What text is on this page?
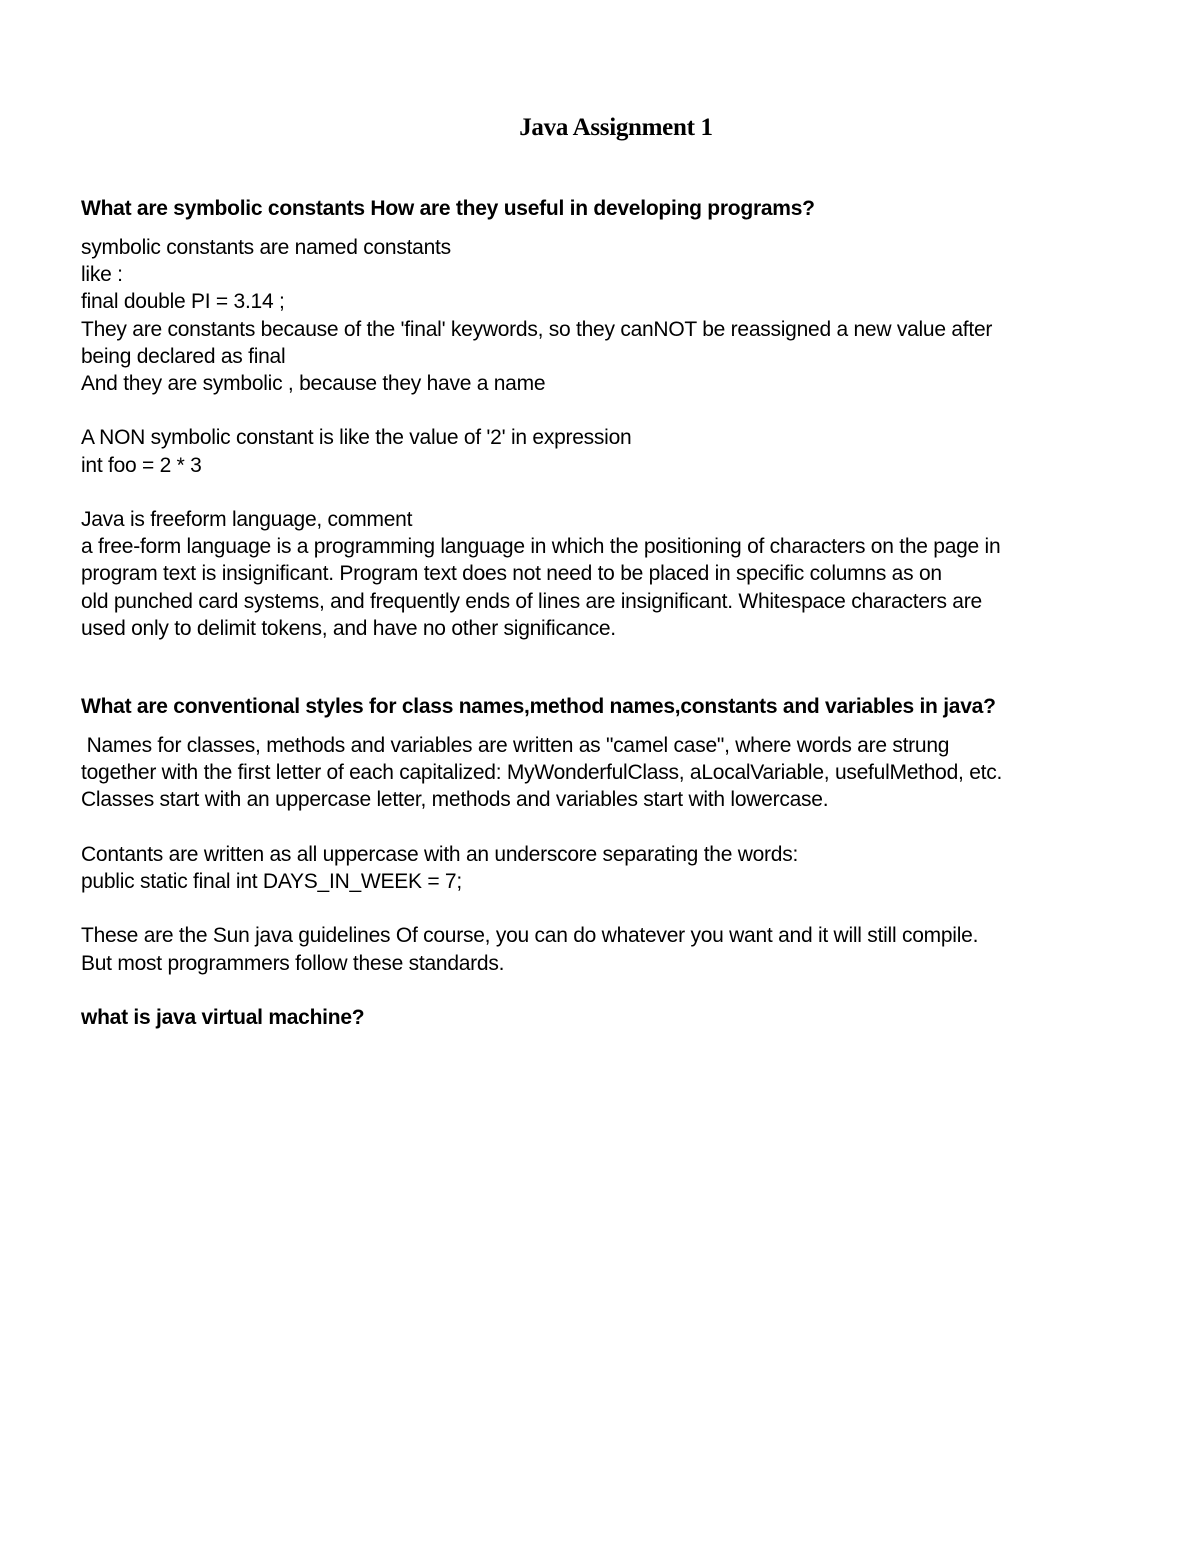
Java Assignment 1
What are symbolic constants How are they useful in developing programs?

symbolic constants are named constants

like :

final double PI = 3.14 ;

They are constants because of the 'final' keywords, so they canNOT be reassigned a new value after

being declared as final

And they are symbolic , because they have a name

A NON symbolic constant is like the value of '2' in expression

int foo = 2 * 3

Java is freeform language, comment

a free-form language is a programming language in which the positioning of characters on the page in

program text is insignificant. Program text does not need to be placed in specific columns as on

old punched card systems, and frequently ends of lines are insignificant. Whitespace characters are

used only to delimit tokens, and have no other significance.

What are conventional styles for class names,method names,constants and variables in java?

Names for classes, methods and variables are written as "camel case", where words are strung

together with the first letter of each capitalized: MyWonderfulClass, aLocalVariable, usefulMethod, etc.

Classes start with an uppercase letter, methods and variables start with lowercase.

Contants are written as all uppercase with an underscore separating the words:

public static final int DAYS_IN_WEEK = 7;

These are the Sun java guidelines Of course, you can do whatever you want and it will still compile.

But most programmers follow these standards.

what is java virtual machine?
